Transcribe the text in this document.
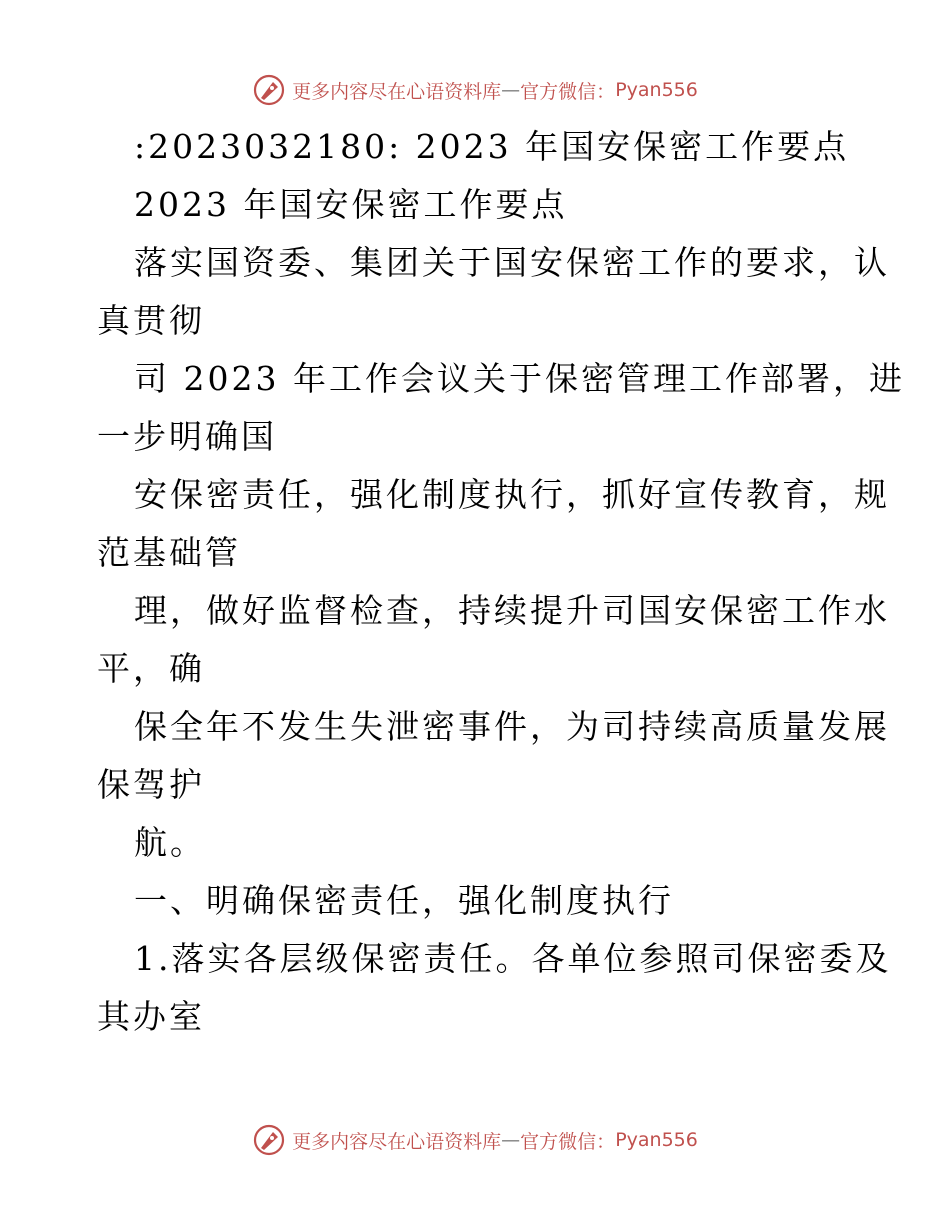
更多内容尽在心语资料库 — 官方微信： Pyan556
:2023032180: 2023 年国安保密工作要点
2023 年国安保密工作要点
落实国资委、集团关于国安保密工作的要求，认
真贯彻
司 2023 年工作会议关于保密管理工作部署，进
一步明确国
安保密责任，强化制度执行，抓好宣传教育，规
范基础管
理，做好监督检查，持续提升司国安保密工作水
平，确
保全年不发生失泄密事件，为司持续高质量发展
保驾护
航。
一、明确保密责任，强化制度执行
1.落实各层级保密责任。各单位参照司保密委及
其办室
更多内容尽在心语资料库 — 官方微信： Pyan556
